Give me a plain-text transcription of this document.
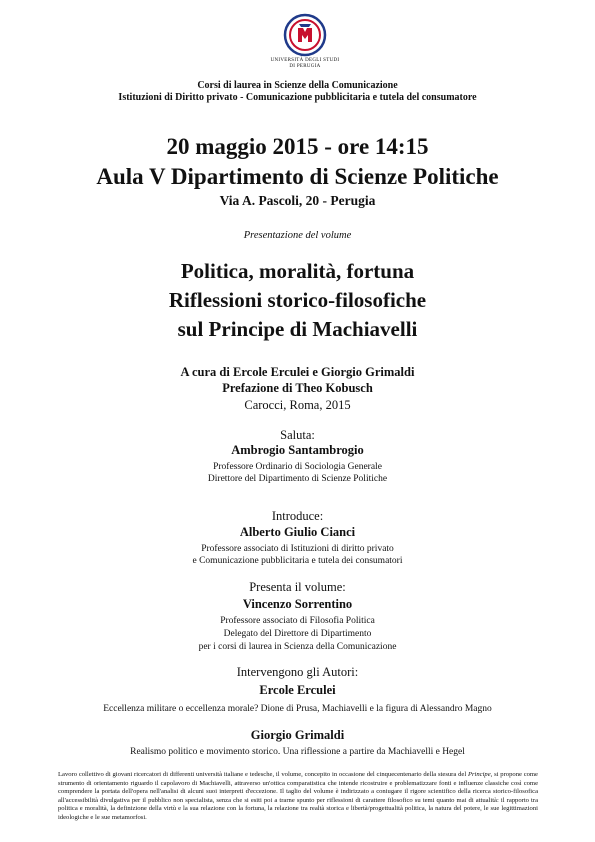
UNIVERSITÀ DEGLI STUDI
DI PERUGIA
Corsi di laurea in Scienze della Comunicazione
Istituzioni di Diritto privato - Comunicazione pubblicitaria e tutela del consumatore
20 maggio 2015 - ore 14:15
Aula V Dipartimento di Scienze Politiche
Via A. Pascoli, 20 - Perugia
Presentazione del volume
Politica, moralità, fortuna
Riflessioni storico-filosofiche
sul Principe di Machiavelli
A cura di Ercole Erculei e Giorgio Grimaldi
Prefazione di Theo Kobusch
Carocci, Roma, 2015
Saluta:
Ambrogio Santambrogio
Professore Ordinario di Sociologia Generale
Direttore del Dipartimento di Scienze Politiche
Introduce:
Alberto Giulio Cianci
Professore associato di Istituzioni di diritto privato
e Comunicazione pubblicitaria e tutela dei consumatori
Presenta il volume:
Vincenzo Sorrentino
Professore associato di Filosofia Politica
Delegato del Direttore di Dipartimento
per i corsi di laurea in Scienza della Comunicazione
Intervengono gli Autori:
Ercole Erculei
Eccellenza militare o eccellenza morale? Dione di Prusa, Machiavelli e la figura di Alessandro Magno
Giorgio Grimaldi
Realismo politico e movimento storico. Una riflessione a partire da Machiavelli e Hegel
Lavoro collettivo di giovani ricercatori di differenti università italiane e tedesche, il volume, concepito in occasione del cinquecentenario della stesura del Principe, si propone come strumento di orientamento riguardo il capolavoro di Machiavelli, attraverso un'ottica comparatistica che intende ricostruire e problematizzare fonti e influenze classiche così come comprendere la portata dell'opera nell'analisi di alcuni suoi interpreti d'eccezione. Il taglio del volume è indirizzato a coniugare il rigore scientifico della ricerca storico-filosofica all'accessibilità divulgativa per il pubblico non specialista, senza che si esiti poi a trarne spunto per riflessioni di carattere filosofico su temi quanto mai di attualità: il rapporto tra politica e moralità, la definizione della virtù e la sua relazione con la fortuna, la relazione tra realtà storica e libertà/progettualità politica, la natura del potere, le sue legittimazioni ideologiche e le sue metamorfosi.
